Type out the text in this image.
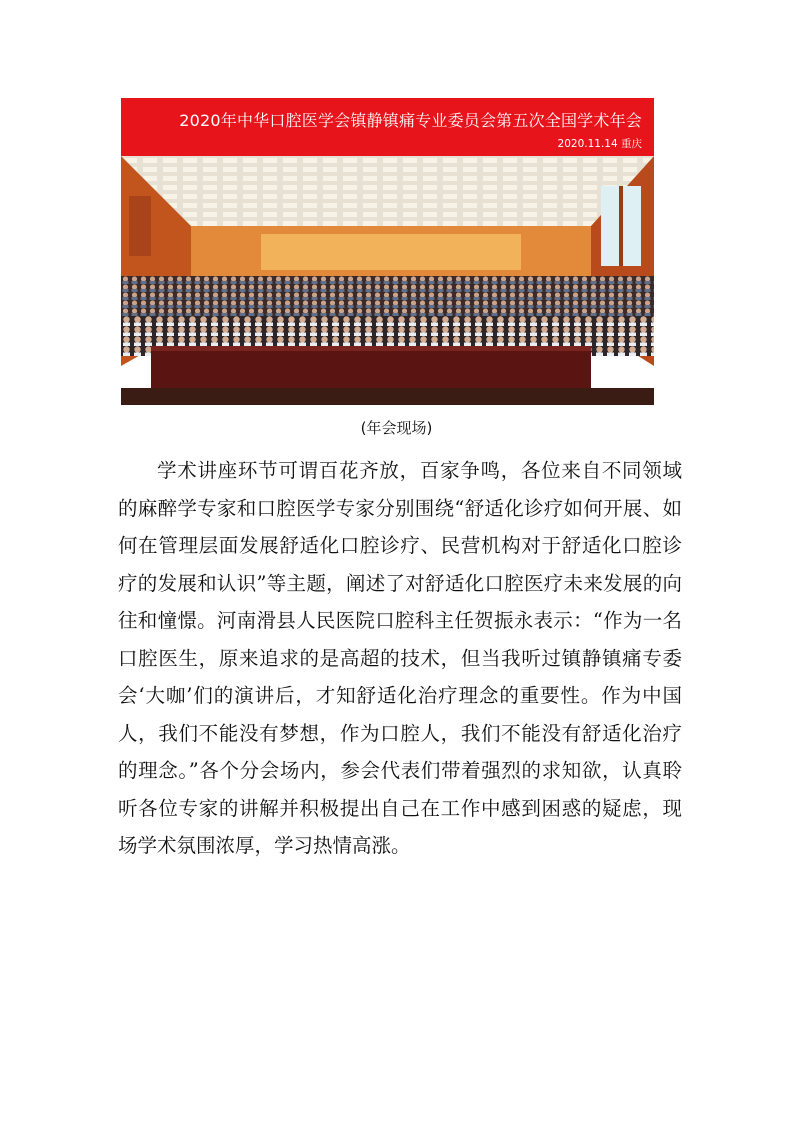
2020年中华口腔医学会镇静镇痛专业委员会第五次全国学术年会
2020.11.14 重庆
(年会现场)

学术讲座环节可谓百花齐放，百家争鸣，各位来自不同领域的麻醉学专家和口腔医学专家分别围绕“舒适化诊疗如何开展、如何在管理层面发展舒适化口腔诊疗、民营机构对于舒适化口腔诊疗的发展和认识”等主题，阐述了对舒适化口腔医疗未来发展的向往和憧憬。河南滑县人民医院口腔科主任贺振永表示：“作为一名口腔医生，原来追求的是高超的技术，但当我听过镇静镇痛专委会‘大咖’们的演讲后，才知舒适化治疗理念的重要性。作为中国人，我们不能没有梦想，作为口腔人，我们不能没有舒适化治疗的理念。”各个分会场内，参会代表们带着强烈的求知欲，认真聆听各位专家的讲解并积极提出自己在工作中感到困惑的疑虑，现场学术氛围浓厚，学习热情高涨。
